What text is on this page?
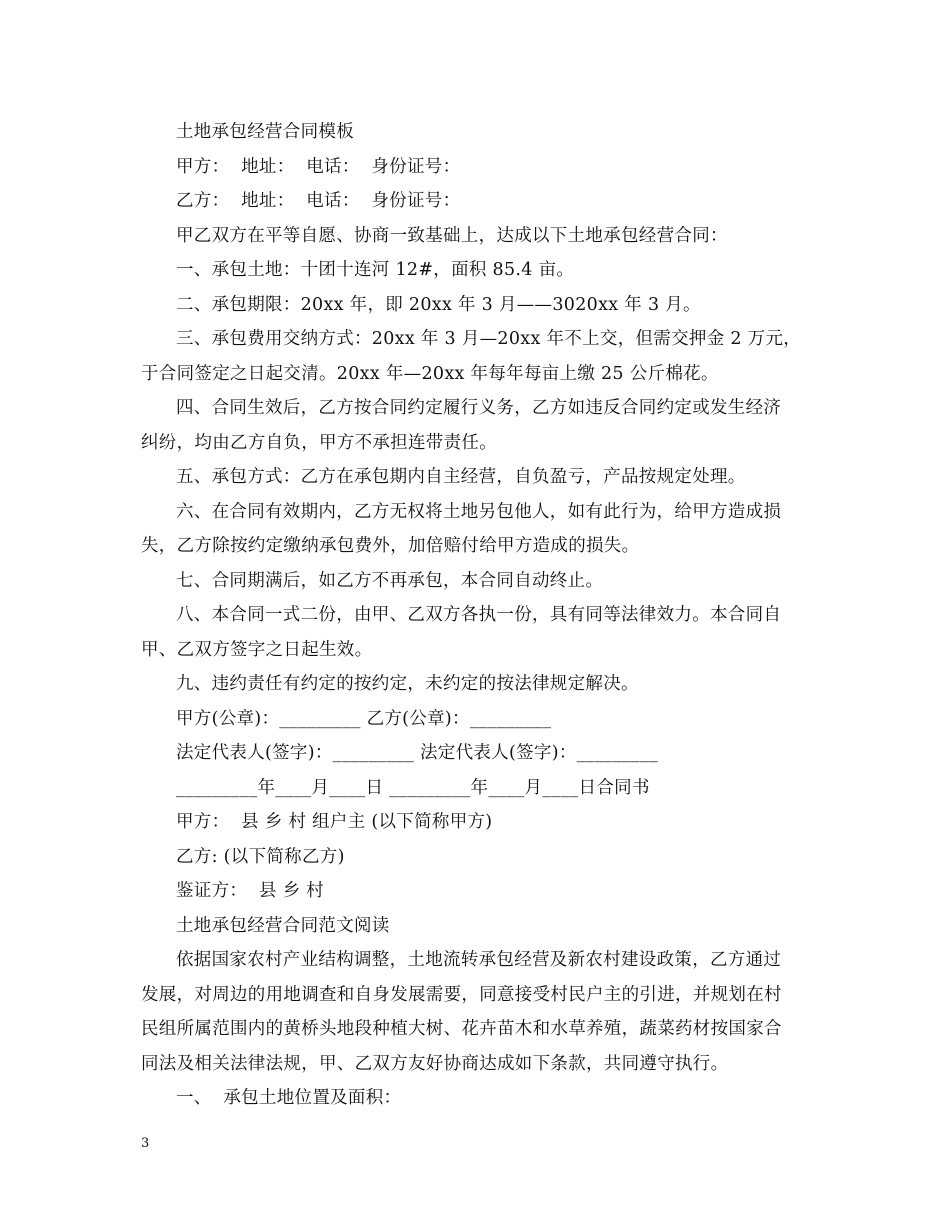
土地承包经营合同模板
甲方：  地址：  电话：  身份证号：
乙方：  地址：  电话：  身份证号：
甲乙双方在平等自愿、协商一致基础上，达成以下土地承包经营合同：
一、承包土地：十团十连河 12#，面积 85.4 亩。
二、承包期限：20xx 年，即 20xx 年 3 月——3020xx 年 3 月。
三、承包费用交纳方式：20xx 年 3 月—20xx 年不上交，但需交押金 2 万元，
于合同签定之日起交清。20xx 年—20xx 年每年每亩上缴 25 公斤棉花。
四、合同生效后，乙方按合同约定履行义务，乙方如违反合同约定或发生经济
纠纷，均由乙方自负，甲方不承担连带责任。
五、承包方式：乙方在承包期内自主经营，自负盈亏，产品按规定处理。
六、在合同有效期内，乙方无权将土地另包他人，如有此行为，给甲方造成损
失，乙方除按约定缴纳承包费外，加倍赔付给甲方造成的损失。
七、合同期满后，如乙方不再承包，本合同自动终止。
八、本合同一式二份，由甲、乙双方各执一份，具有同等法律效力。本合同自
甲、乙双方签字之日起生效。
九、违约责任有约定的按约定，未约定的按法律规定解决。
甲方(公章)：_________ 乙方(公章)：_________
法定代表人(签字)：_________ 法定代表人(签字)：_________
_________年____月____日 _________年____月____日合同书
甲方：  县 乡 村 组户主 (以下简称甲方)
乙方: (以下简称乙方)
鉴证方：  县 乡 村
土地承包经营合同范文阅读
依据国家农村产业结构调整，土地流转承包经营及新农村建设政策，乙方通过
发展，对周边的用地调查和自身发展需要，同意接受村民户主的引进，并规划在村
民组所属范围内的黄桥头地段种植大树、花卉苗木和水草养殖，蔬菜药材按国家合
同法及相关法律法规，甲、乙双方友好协商达成如下条款，共同遵守执行。
一、  承包土地位置及面积：
3
